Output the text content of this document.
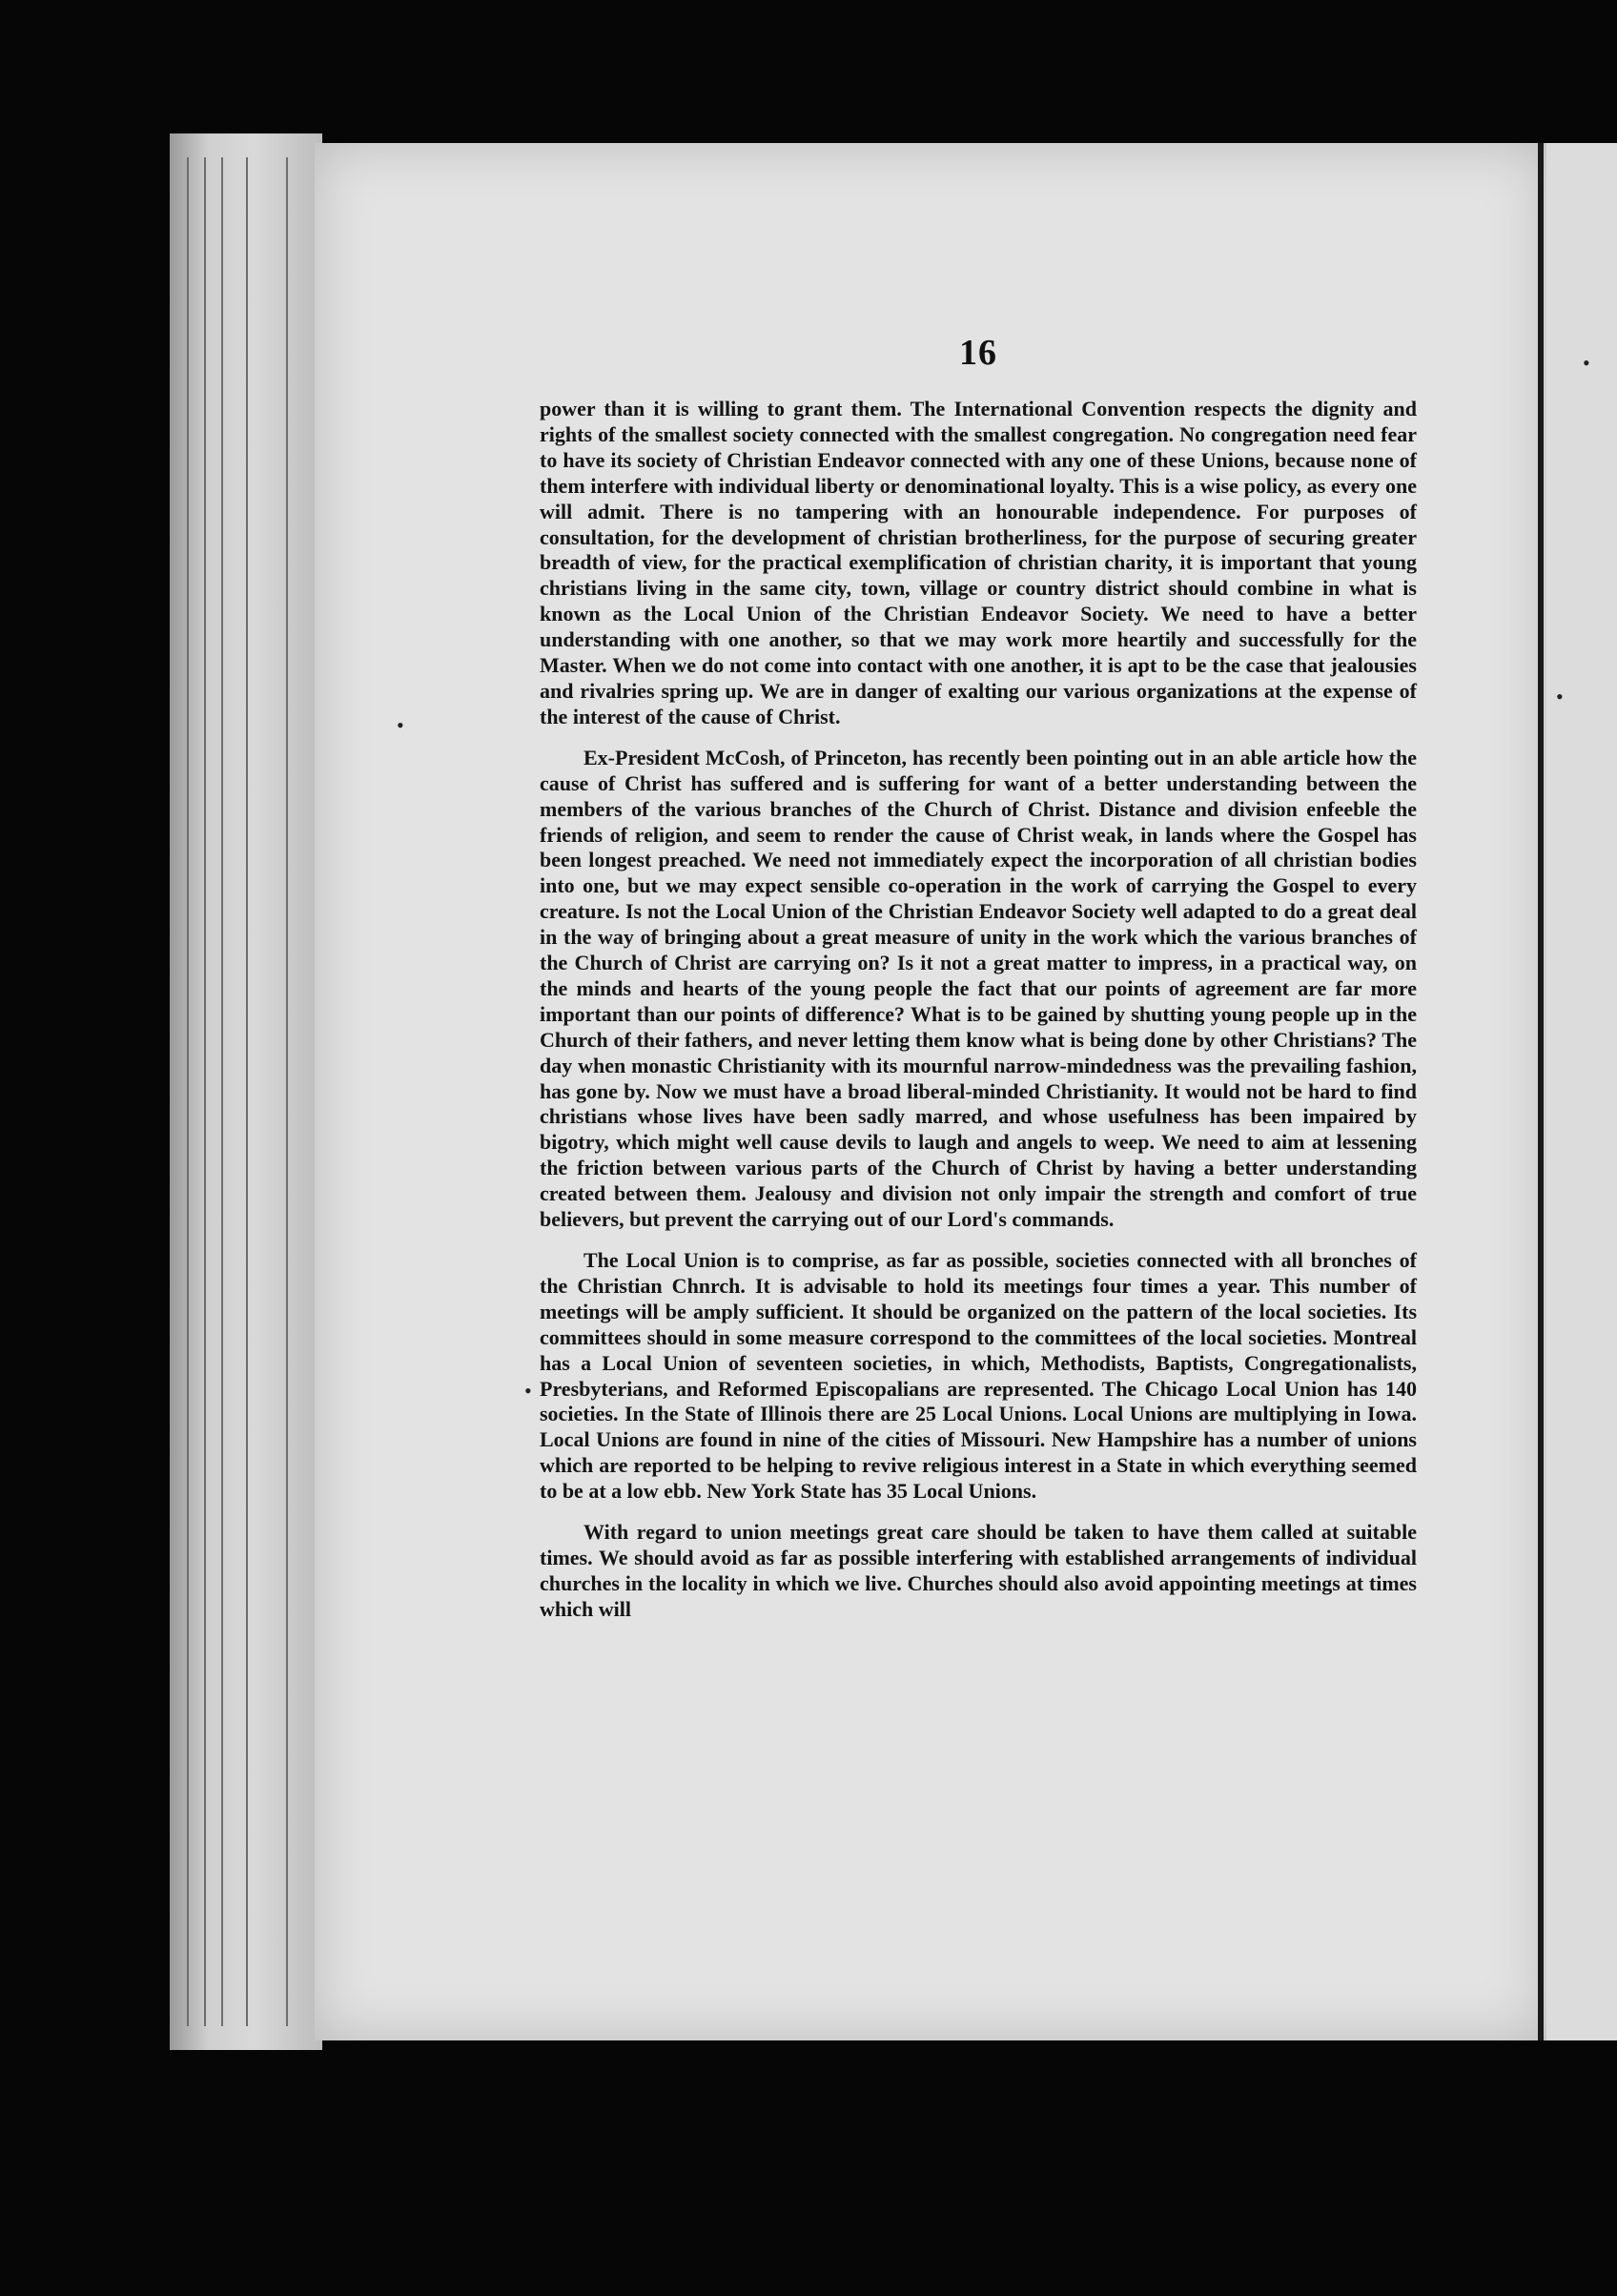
•
•
•
•
16

power than it is willing to grant them. The International Convention respects the dignity and rights of the smallest society connected with the smallest congregation. No congregation need fear to have its society of Christian Endeavor connected with any one of these Unions, because none of them interfere with individual liberty or denominational loyalty. This is a wise policy, as every one will admit. There is no tampering with an honourable independence. For purposes of consultation, for the development of christian brotherliness, for the purpose of securing greater breadth of view, for the practical exemplification of christian charity, it is important that young christians living in the same city, town, village or country district should combine in what is known as the Local Union of the Christian Endeavor Society. We need to have a better understanding with one another, so that we may work more heartily and successfully for the Master. When we do not come into contact with one another, it is apt to be the case that jealousies and rivalries spring up. We are in danger of exalting our various organizations at the expense of the interest of the cause of Christ.

Ex-President McCosh, of Princeton, has recently been pointing out in an able article how the cause of Christ has suffered and is suffering for want of a better understanding between the members of the various branches of the Church of Christ. Distance and division enfeeble the friends of religion, and seem to render the cause of Christ weak, in lands where the Gospel has been longest preached. We need not immediately expect the incorporation of all christian bodies into one, but we may expect sensible co-operation in the work of carrying the Gospel to every creature. Is not the Local Union of the Christian Endeavor Society well adapted to do a great deal in the way of bringing about a great measure of unity in the work which the various branches of the Church of Christ are carrying on? Is it not a great matter to impress, in a practical way, on the minds and hearts of the young people the fact that our points of agreement are far more important than our points of difference? What is to be gained by shutting young people up in the Church of their fathers, and never letting them know what is being done by other Christians? The day when monastic Christianity with its mournful narrow-mindedness was the prevailing fashion, has gone by. Now we must have a broad liberal-minded Christianity. It would not be hard to find christians whose lives have been sadly marred, and whose usefulness has been impaired by bigotry, which might well cause devils to laugh and angels to weep. We need to aim at lessening the friction between various parts of the Church of Christ by having a better understanding created between them. Jealousy and division not only impair the strength and comfort of true believers, but prevent the carrying out of our Lord's commands.

The Local Union is to comprise, as far as possible, societies connected with all bronches of the Christian Chnrch. It is advisable to hold its meetings four times a year. This number of meetings will be amply sufficient. It should be organized on the pattern of the local societies. Its committees should in some measure correspond to the committees of the local societies. Montreal has a Local Union of seventeen societies, in which, Methodists, Baptists, Congregationalists, Presbyterians, and Reformed Episcopalians are represented. The Chicago Local Union has 140 societies. In the State of Illinois there are 25 Local Unions. Local Unions are multiplying in Iowa. Local Unions are found in nine of the cities of Missouri. New Hampshire has a number of unions which are reported to be helping to revive religious interest in a State in which everything seemed to be at a low ebb. New York State has 35 Local Unions.

With regard to union meetings great care should be taken to have them called at suitable times. We should avoid as far as possible interfering with established arrangements of individual churches in the locality in which we live. Churches should also avoid appointing meetings at times which will
